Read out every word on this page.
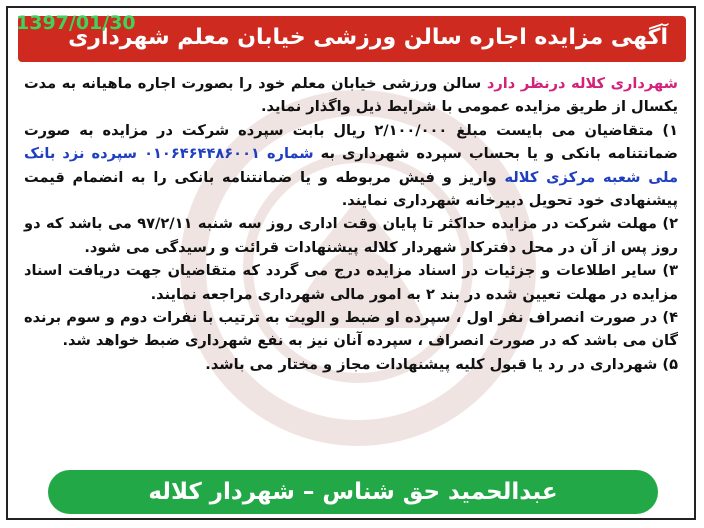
آگهی مزایده اجاره سالن ورزشی خیابان معلم شهرداری
1397/01/30

شهرداری کلاله درنظر دارد سالن ورزشی خیابان معلم خود را بصورت اجاره ماهیانه به مدت یکسال از طریق مزایده عمومی با شرایط ذیل واگذار نماید.

۱) متقاضیان می بایست مبلغ ۲/۱۰۰/۰۰۰ ریال بابت سپرده شرکت در مزایده به صورت ضمانتنامه بانکی و یا بحساب سپرده شهرداری به شماره ۰۱۰۶۴۶۴۴۸۶۰۰۱ سپرده نزد بانک ملی شعبه مرکزی کلاله واریز و فیش مربوطه و یا ضمانتنامه بانکی را به انضمام قیمت پیشنهادی خود تحویل دبیرخانه شهرداری نمایند.

۲) مهلت شرکت در مزایده حداکثر تا پایان وقت اداری روز سه شنبه ۹۷/۲/۱۱ می باشد که دو روز پس از آن در محل دفترکار شهردار کلاله پیشنهادات قرائت و رسیدگی می شود.

۳) سایر اطلاعات و جزئیات در اسناد مزایده درج می گردد که متقاضیان جهت دریافت اسناد مزایده در مهلت تعیین شده در بند ۲ به امور مالی شهرداری مراجعه نمایند.

۴) در صورت انصراف نفر اول ، سپرده او ضبط و الویت به ترتیب با نفرات دوم و سوم برنده گان می باشد که در صورت انصراف ، سپرده آنان نیز به نفع شهرداری ضبط خواهد شد.

۵) شهرداری در رد یا قبول کلیه پیشنهادات مجاز و مختار می باشد.

عبدالحمید حق شناس – شهردار کلاله
